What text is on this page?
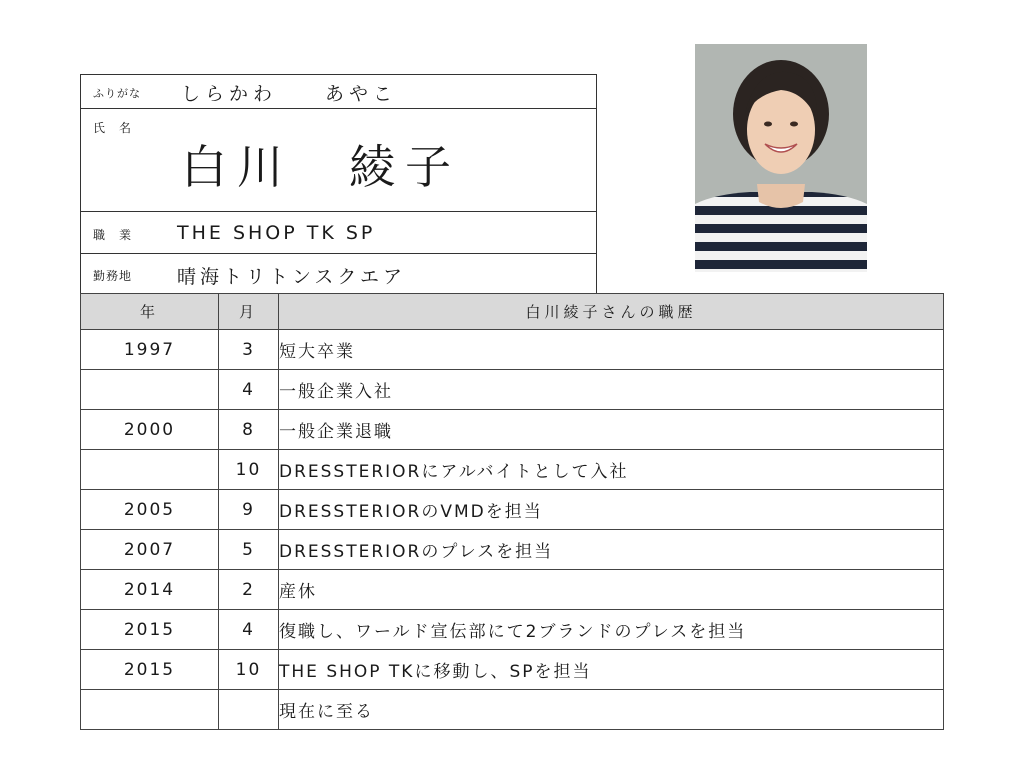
ふりがな しらかわ　　あやこ
氏　名
白川　綾子
職　業 THE SHOP TK SP
勤務地 晴海トリトンスクエア
年	月	白川綾子さんの職歴
1997	3	短大卒業
	4	一般企業入社
2000	8	一般企業退職
	10	DRESSTERIORにアルバイトとして入社
2005	9	DRESSTERIORのVMDを担当
2007	5	DRESSTERIORのプレスを担当
2014	2	産休
2015	4	復職し、ワールド宣伝部にて2ブランドのプレスを担当
2015	10	THE SHOP TKに移動し、SPを担当
		現在に至る
